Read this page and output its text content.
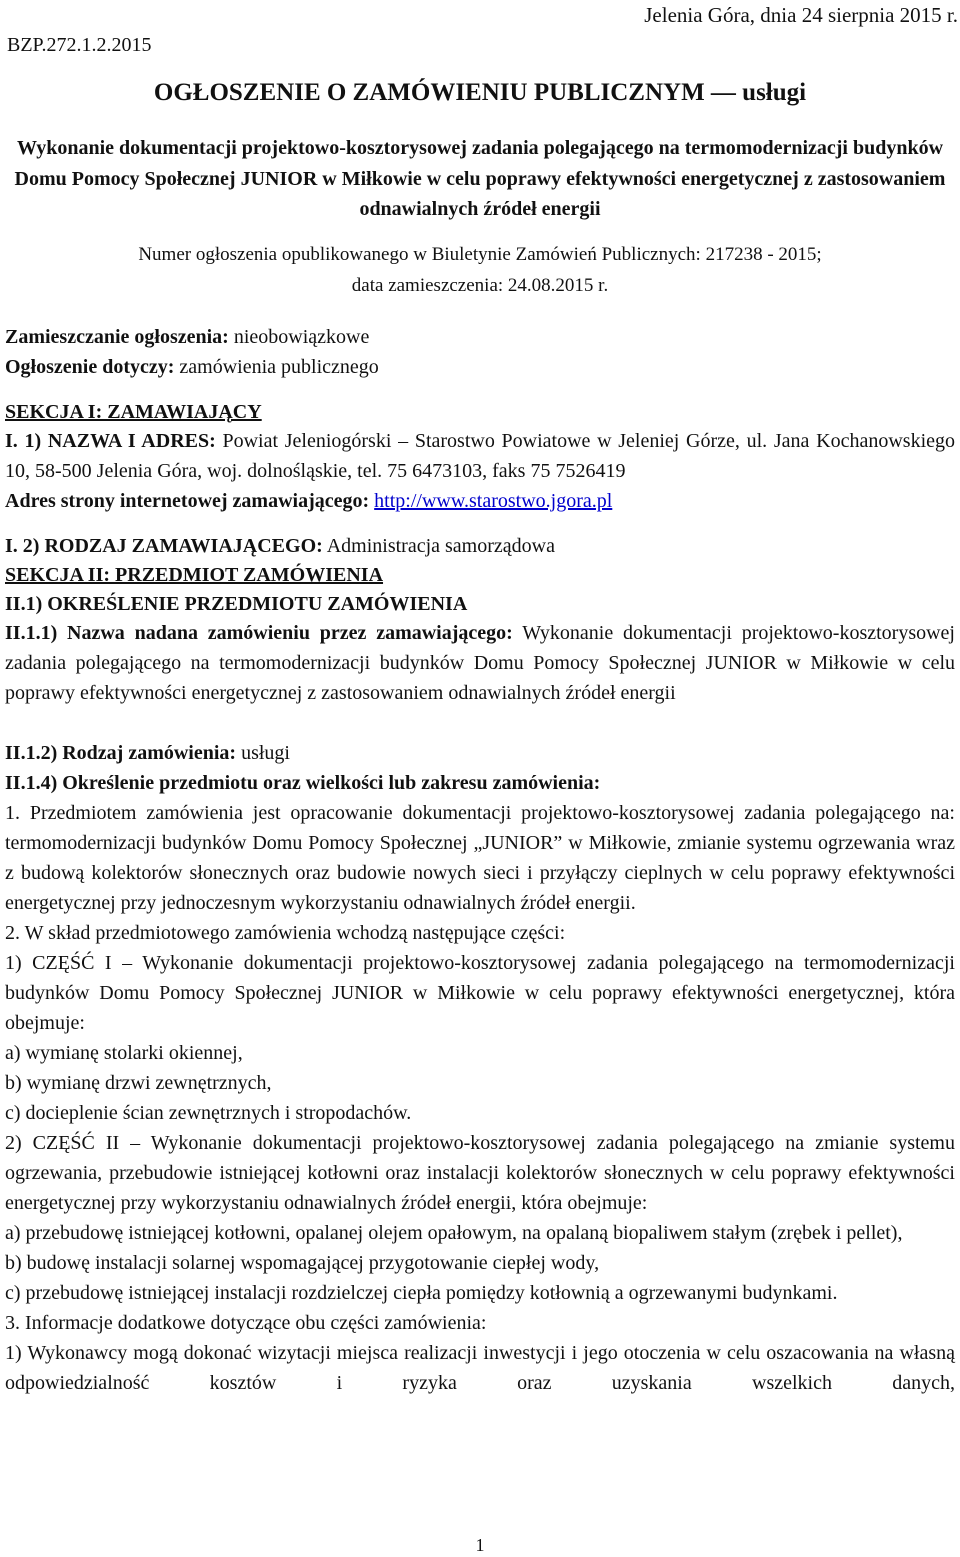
BZP.272.1.2.2015
Jelenia Góra, dnia 24 sierpnia 2015 r.
OGŁOSZENIE O ZAMÓWIENIU PUBLICZNYM — usługi
Wykonanie dokumentacji projektowo-kosztorysowej zadania polegającego na termomodernizacji budynków Domu Pomocy Społecznej JUNIOR w Miłkowie w celu poprawy efektywności energetycznej z zastosowaniem odnawialnych źródeł energii
Numer ogłoszenia opublikowanego w Biuletynie Zamówień Publicznych: 217238 - 2015;
data zamieszczenia: 24.08.2015 r.
Zamieszczanie ogłoszenia: nieobowiązkowe
Ogłoszenie dotyczy: zamówienia publicznego
SEKCJA I: ZAMAWIAJĄCY
I. 1) NAZWA I ADRES: Powiat Jeleniogórski – Starostwo Powiatowe w Jeleniej Górze, ul. Jana Kochanowskiego 10, 58-500 Jelenia Góra, woj. dolnośląskie, tel. 75 6473103, faks 75 7526419
Adres strony internetowej zamawiającego: http://www.starostwo.jgora.pl
I. 2) RODZAJ ZAMAWIAJĄCEGO: Administracja samorządowa
SEKCJA II: PRZEDMIOT ZAMÓWIENIA
II.1) OKREŚLENIE PRZEDMIOTU ZAMÓWIENIA
II.1.1) Nazwa nadana zamówieniu przez zamawiającego: Wykonanie dokumentacji projektowo-kosztorysowej zadania polegającego na termomodernizacji budynków Domu Pomocy Społecznej JUNIOR w Miłkowie w celu poprawy efektywności energetycznej z zastosowaniem odnawialnych źródeł energii
II.1.2) Rodzaj zamówienia: usługi
II.1.4) Określenie przedmiotu oraz wielkości lub zakresu zamówienia:

1. Przedmiotem zamówienia jest opracowanie dokumentacji projektowo-kosztorysowej zadania polegającego na: termomodernizacji budynków Domu Pomocy Społecznej „JUNIOR” w Miłkowie, zmianie systemu ogrzewania wraz z budową kolektorów słonecznych oraz budowie nowych sieci i przyłączy cieplnych w celu poprawy efektywności energetycznej przy jednoczesnym wykorzystaniu odnawialnych źródeł energii.

2. W skład przedmiotowego zamówienia wchodzą następujące części:

1) CZĘŚĆ I – Wykonanie dokumentacji projektowo-kosztorysowej zadania polegającego na termomodernizacji budynków Domu Pomocy Społecznej JUNIOR w Miłkowie w celu poprawy efektywności energetycznej, która obejmuje:

a) wymianę stolarki okiennej,

b) wymianę drzwi zewnętrznych,

c) docieplenie ścian zewnętrznych i stropodachów.

2) CZĘŚĆ II – Wykonanie dokumentacji projektowo-kosztorysowej zadania polegającego na zmianie systemu ogrzewania, przebudowie istniejącej kotłowni oraz instalacji kolektorów słonecznych w celu poprawy efektywności energetycznej przy wykorzystaniu odnawialnych źródeł energii, która obejmuje:

a) przebudowę istniejącej kotłowni, opalanej olejem opałowym, na opalaną biopaliwem stałym (zrębek i pellet),

b) budowę instalacji solarnej wspomagającej przygotowanie ciepłej wody,

c) przebudowę istniejącej instalacji rozdzielczej ciepła pomiędzy kotłownią a ogrzewanymi budynkami.

3. Informacje dodatkowe dotyczące obu części zamówienia:

1) Wykonawcy mogą dokonać wizytacji miejsca realizacji inwestycji i jego otoczenia w celu oszacowania na własną odpowiedzialność kosztów i ryzyka oraz uzyskania wszelkich danych,

1
